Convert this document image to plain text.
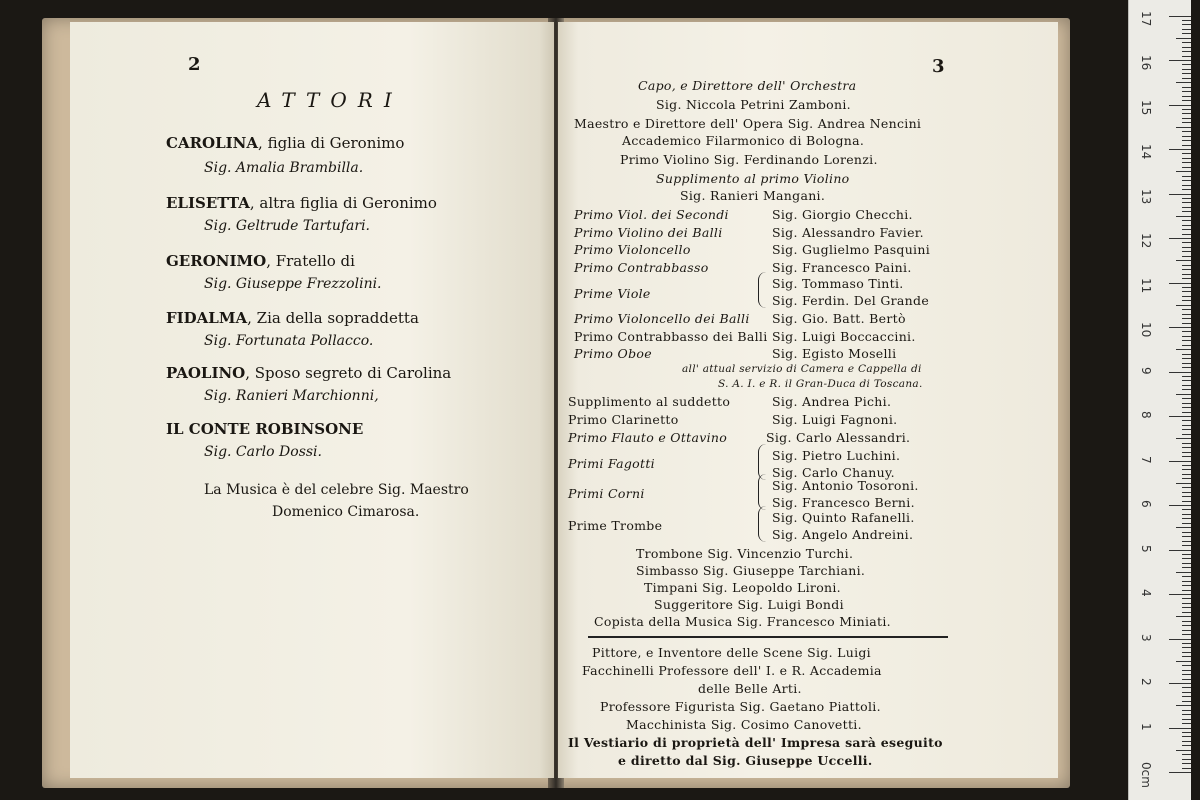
2
ATTORI
CAROLINA, figlia di Geronimo
Sig. Amalia Brambilla.
ELISETTA, altra figlia di Geronimo
Sig. Geltrude Tartufari.
GERONIMO, Fratello di
Sig. Giuseppe Frezzolini.
FIDALMA, Zia della sopraddetta
Sig. Fortunata Pollacco.
PAOLINO, Sposo segreto di Carolina
Sig. Ranieri Marchionni,
IL CONTE ROBINSONE
Sig. Carlo Dossi.
La Musica è del celebre Sig. Maestro
Domenico Cimarosa.
3
Capo, e Direttore dell' Orchestra
Sig. Niccola Petrini Zamboni.
Maestro e Direttore dell' Opera Sig. Andrea Nencini
Accademico Filarmonico di Bologna.
Primo Violino Sig. Ferdinando Lorenzi.
Supplimento al primo Violino
Sig. Ranieri Mangani.
Primo Viol. dei Secondi	Sig. Giorgio Checchi.
Primo Violino dei Balli	Sig. Alessandro Favier.
Primo Violoncello	Sig. Guglielmo Pasquini
Primo Contrabbasso	Sig. Francesco Paini.
Prime Viole
Sig. Tommaso Tinti.
Sig. Ferdin. Del Grande
Primo Violoncello dei Balli Sig. Gio. Batt. Bertò
Primo Contrabbasso dei Balli Sig. Luigi Boccaccini.
Primo Oboe	Sig. Egisto Moselli
all' attual servizio di Camera e Cappella di
S. A. I. e R. il Gran-Duca di Toscana.
Supplimento al suddetto	Sig. Andrea Pichi.
Primo Clarinetto	Sig. Luigi Fagnoni.
Primo Flauto e Ottavino	Sig. Carlo Alessandri.
Primi Fagotti
Sig. Pietro Luchini.
Sig. Carlo Chanuy.
Primi Corni
Sig. Antonio Tosoroni.
Sig. Francesco Berni.
Prime Trombe
Sig. Quinto Rafanelli.
Sig. Angelo Andreini.
Trombone Sig. Vincenzio Turchi.
Simbasso Sig. Giuseppe Tarchiani.
Timpani Sig. Leopoldo Lironi.
Suggeritore Sig. Luigi Bondi
Copista della Musica Sig. Francesco Miniati.
Pittore, e Inventore delle Scene Sig. Luigi
Facchinelli Professore dell' I. e R. Accademia
delle Belle Arti.
Professore Figurista Sig. Gaetano Piattoli.
Macchinista Sig. Cosimo Canovetti.
Il Vestiario di proprietà dell' Impresa sarà eseguito
e diretto dal Sig. Giuseppe Uccelli.
0cm
1
2
3
4
5
6
7
8
9
10
11
12
13
14
15
16
17
